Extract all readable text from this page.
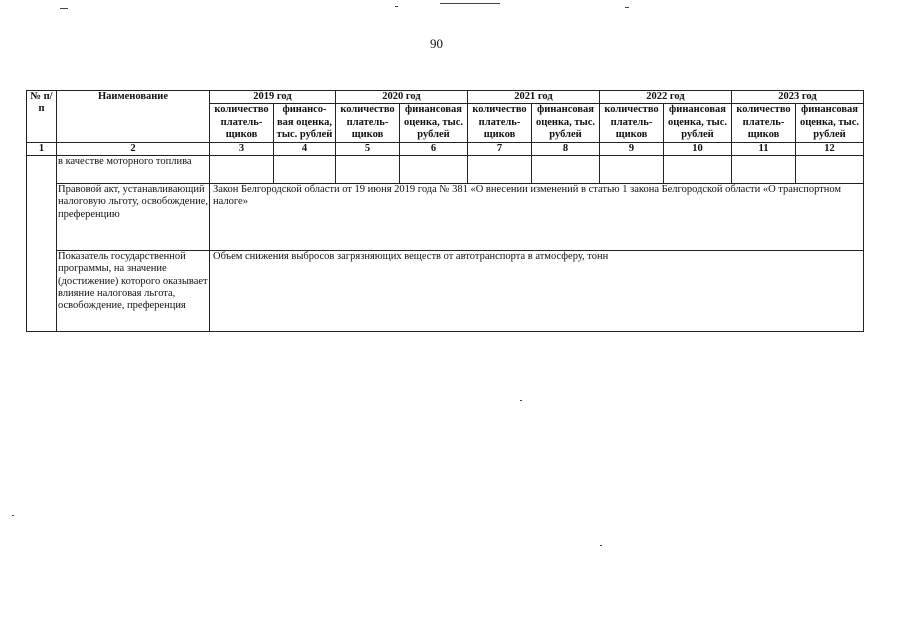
90
№ п/п	Наименование	2019 год		2020 год		2021 год		2022 год		2023 год	
		количество платель-щиков	финансо-вая оценка, тыс. рублей	количество платель-щиков	финансовая оценка, тыс. рублей	количество платель-щиков	финансовая оценка, тыс. рублей	количество платель-щиков	финансовая оценка, тыс. рублей	количество платель-щиков	финансовая оценка, тыс. рублей
1	2	3	4	5	6	7	8	9	10	11	12
	в качестве моторного топлива										
	Правовой акт, устанавливающий налоговую льготу, освобождение, преференцию	Закон Белгородской области от 19 июня 2019 года № 381 «О внесении изменений в статью 1 закона Белгородской области «О транспортном налоге»									
	Показатель государственной программы, на значение (достижение) которого оказывает влияние налоговая льгота, освобождение, преференция	Объем снижения выбросов загрязняющих веществ от автотранспорта в атмосферу, тонн									
